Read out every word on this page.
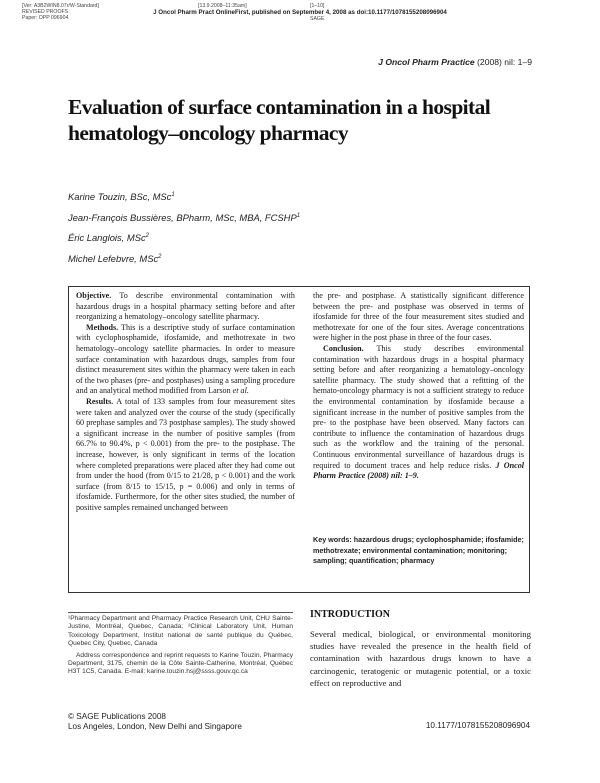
[Ver: A3B2WIN8.07r/W-Standard]
REVISED PROOFS
Paper: OPP 096904
[13.9.2008–11:35am]	[1–10]
J Oncol Pharm Pract OnlineFirst, published on September 4, 2008 as doi:10.1177/1078155208096904
SAGE
J Oncol Pharm Practice (2008) nil: 1–9
Evaluation of surface contamination in a hospital
hematology–oncology pharmacy
Karine Touzin, BSc, MSc$^1$
Jean-François Bussières, BPharm, MSc, MBA, FCSHP$^1$
Éric Langlois, MSc$^2$
Michel Lefebvre, MSc$^2$

Objective. To describe environmental contamination with hazardous drugs in a hospital pharmacy setting before and after reorganizing a hematology–oncology satellite pharmacy.

Methods. This is a descriptive study of surface contamination with cyclophosphamide, ifosfamide, and methotrexate in two hematology–oncology satellite pharmacies. In order to measure surface contamination with hazardous drugs, samples from four distinct measurement sites within the pharmacy were taken in each of the two phases (pre- and postphases) using a sampling procedure and an analytical method modified from Larson et al.

Results. A total of 133 samples from four measurement sites were taken and analyzed over the course of the study (specifically 60 prephase samples and 73 postphase samples). The study showed a significant increase in the number of positive samples (from 66.7% to 90.4%, p < 0.001) from the pre- to the postphase. The increase, however, is only significant in terms of the location where completed preparations were placed after they had come out from under the hood (from 0/15 to 21/28, p < 0.001) and the work surface (from 8/15 to 15/15, p = 0.006) and only in terms of ifosfamide. Furthermore, for the other sites studied, the number of positive samples remained unchanged between

the pre- and postphase. A statistically significant difference between the pre- and postphase was observed in terms of ifosfamide for three of the four measurement sites studied and methotrexate for one of the four sites. Average concentrations were higher in the post phase in three of the four cases.

Conclusion. This study describes environmental contamination with hazardous drugs in a hospital pharmacy setting before and after reorganizing a hematology–oncology satellite pharmacy. The study showed that a refitting of the hemato-oncology pharmacy is not a sufficient strategy to reduce the environmental contamination by ifosfamide because a significant increase in the number of positive samples from the pre- to the postphase have been observed. Many factors can contribute to influence the contamination of hazardous drugs such as the workflow and the training of the personal. Continuous environmental surveillance of hazardous drugs is required to document traces and help reduce risks. J Oncol Pharm Practice (2008) nil: 1–9.

Key words: hazardous drugs; cyclophosphamide; ifosfamide; methotrexate; environmental contamination; monitoring; sampling; quantification; pharmacy

¹Pharmacy Department and Pharmacy Practice Research Unit, CHU Sainte-Justine, Montréal, Quebec, Canada; ²Clinical Laboratory Unit, Human Toxicology Department, Institut national de santé publique du Québec, Quebec City, Quebec, Canada

Address correspondence and reprint requests to Karine Touzin, Pharmacy Department, 3175, chemin de la Côte Sainte-Catherine, Montréal, Québec H3T 1C5, Canada. E-mail: karine.touzin.hsj@ssss.gouv.qc.ca

INTRODUCTION
Several medical, biological, or environmental monitoring studies have revealed the presence in the health field of contamination with hazardous drugs known to have a carcinogenic, teratogenic or mutagenic potential, or a toxic effect on reproductive and
© SAGE Publications 2008
Los Angeles, London, New Delhi and Singapore	10.1177/1078155208096904
